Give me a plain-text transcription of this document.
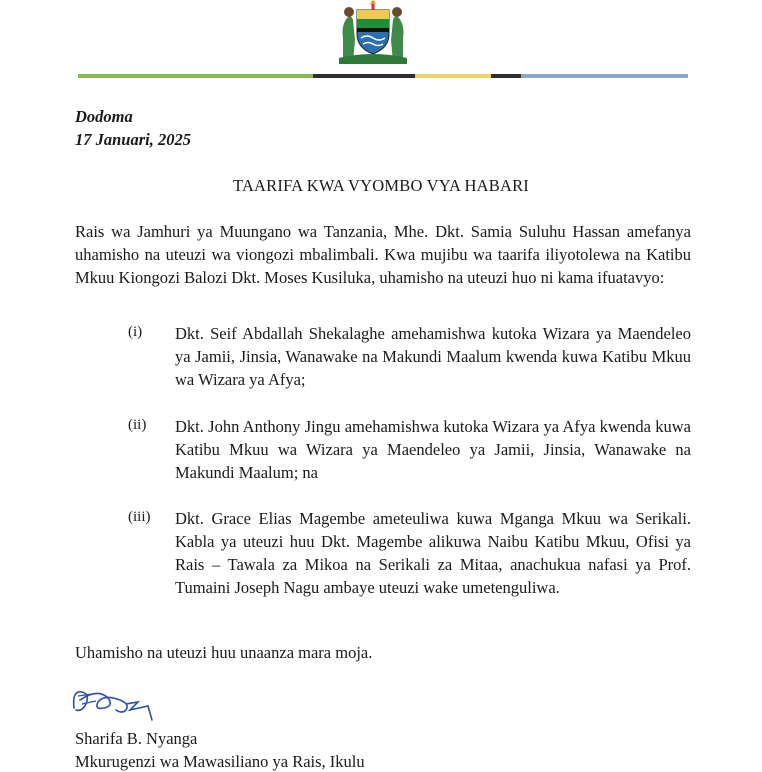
Dodoma
17 Januari, 2025
TAARIFA KWA VYOMBO VYA HABARI
Rais wa Jamhuri ya Muungano wa Tanzania, Mhe. Dkt. Samia Suluhu Hassan amefanya uhamisho na uteuzi wa viongozi mbalimbali. Kwa mujibu wa taarifa iliyotolewa na Katibu Mkuu Kiongozi Balozi Dkt. Moses Kusiluka, uhamisho na uteuzi huo ni kama ifuatavyo:
(i) Dkt. Seif Abdallah Shekalaghe amehamishwa kutoka Wizara ya Maendeleo ya Jamii, Jinsia, Wanawake na Makundi Maalum kwenda kuwa Katibu Mkuu wa Wizara ya Afya;
(ii) Dkt. John Anthony Jingu amehamishwa kutoka Wizara ya Afya kwenda kuwa Katibu Mkuu wa Wizara ya Maendeleo ya Jamii, Jinsia, Wanawake na Makundi Maalum; na
(iii) Dkt. Grace Elias Magembe ameteuliwa kuwa Mganga Mkuu wa Serikali. Kabla ya uteuzi huu Dkt. Magembe alikuwa Naibu Katibu Mkuu, Ofisi ya Rais – Tawala za Mikoa na Serikali za Mitaa, anachukua nafasi ya Prof. Tumaini Joseph Nagu ambaye uteuzi wake umetenguliwa.
Uhamisho na uteuzi huu unaanza mara moja.
Sharifa B. Nyanga
Mkurugenzi wa Mawasiliano ya Rais, Ikulu
